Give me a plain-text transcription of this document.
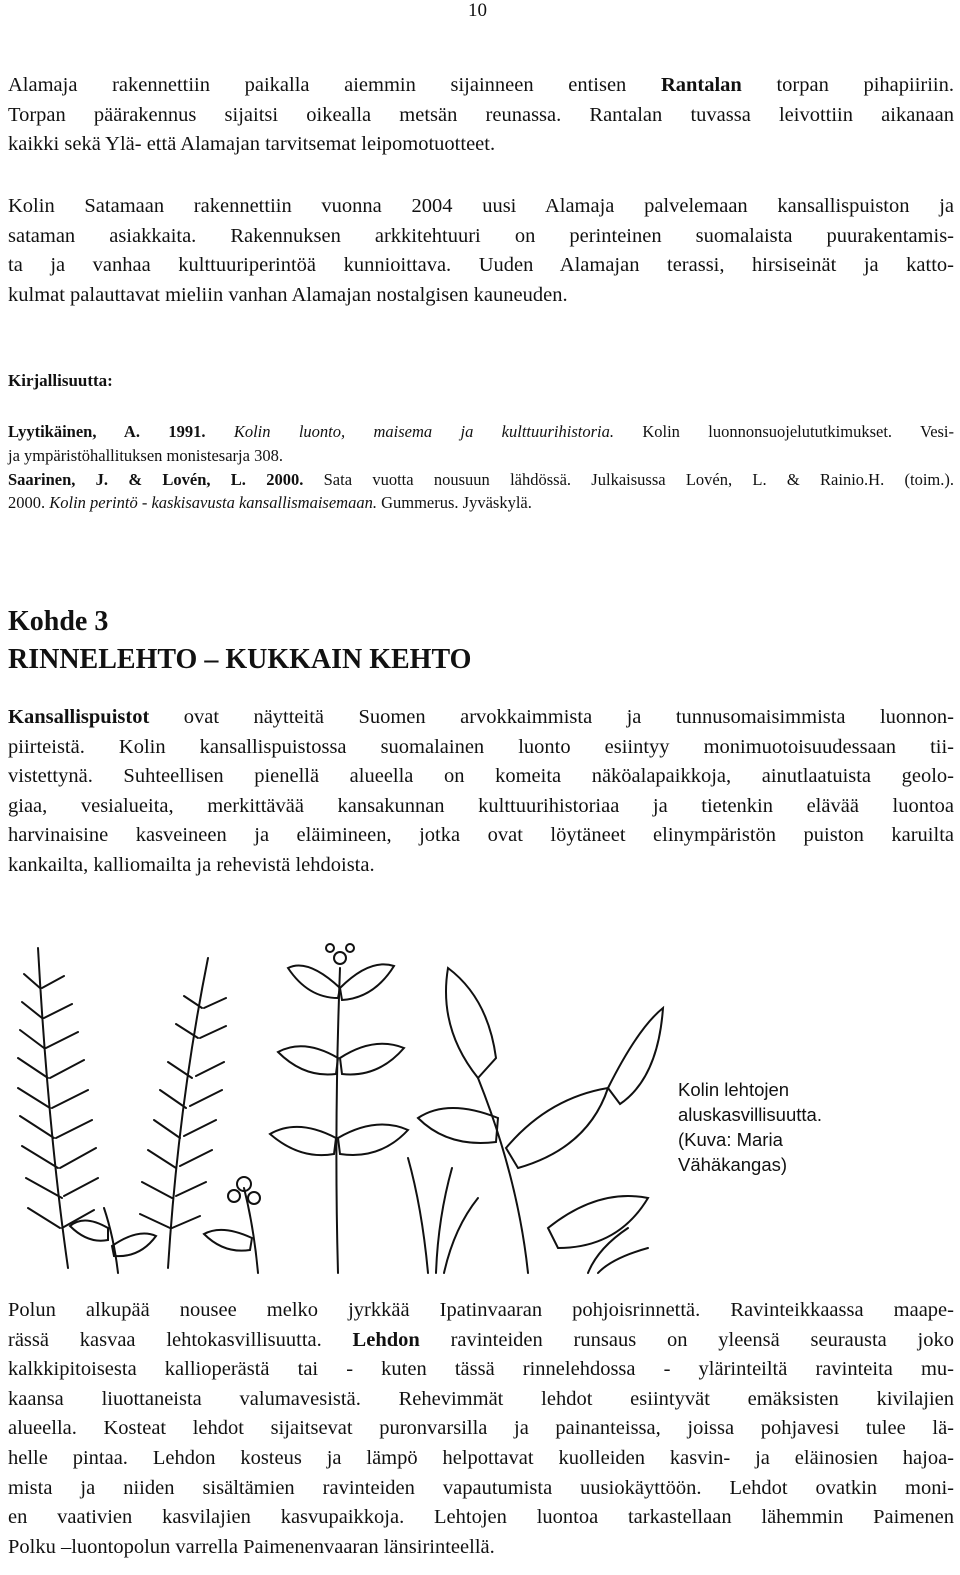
10

Alamaja rakennettiin paikalla aiemmin sijainneen entisen Rantalan torpan pihapiiriin.
Torpan päärakennus sijaitsi oikealla metsän reunassa. Rantalan tuvassa leivottiin aikanaan
kaikki sekä Ylä- että Alamajan tarvitsemat leipomotuotteet.

Kolin Satamaan rakennettiin vuonna 2004 uusi Alamaja palvelemaan kansallispuiston ja
sataman asiakkaita. Rakennuksen arkkitehtuuri on perinteinen suomalaista puurakentamis-
ta ja vanhaa kulttuuriperintöä kunnioittava. Uuden Alamajan terassi, hirsiseinät ja katto-
kulmat palauttavat mieliin vanhan Alamajan nostalgisen kauneuden.

Kirjallisuutta:

Lyytikäinen, A. 1991. Kolin luonto, maisema ja kulttuurihistoria. Kolin luonnonsuojelututkimukset. Vesi-
ja ympäristöhallituksen monistesarja 308.
Saarinen, J. & Lovén, L. 2000. Sata vuotta nousuun lähdössä. Julkaisussa Lovén, L. & Rainio.H. (toim.).
2000. Kolin perintö - kaskisavusta kansallismaisemaan. Gummerus. Jyväskylä.

Kohde 3
RINNELEHTO – KUKKAIN KEHTO

Kansallispuistot ovat näytteitä Suomen arvokkaimmista ja tunnusomaisimmista luonnon-
piirteistä. Kolin kansallispuistossa suomalainen luonto esiintyy monimuotoisuudessaan tii-
vistettynä. Suhteellisen pienellä alueella on komeita näköalapaikkoja, ainutlaatuista geolo-
giaa, vesialueita, merkittävää kansakunnan kulttuurihistoriaa ja tietenkin elävää luontoa
harvinaisine kasveineen ja eläimineen, jotka ovat löytäneet elinympäristön puiston karuilta
kankailta, kalliomailta ja rehevistä lehdoista.

Kolin lehtojen
aluskasvillisuutta.
(Kuva: Maria
Vähäkangas)

Polun alkupää nousee melko jyrkkää Ipatinvaaran pohjoisrinnettä. Ravinteikkaassa maape-
rässä kasvaa lehtokasvillisuutta. Lehdon ravinteiden runsaus on yleensä seurausta joko
kalkkipitoisesta kallioperästä tai - kuten tässä rinnelehdossa - ylärinteiltä ravinteita mu-
kaansa liuottaneista valumavesistä. Rehevimmät lehdot esiintyvät emäksisten kivilajien
alueella. Kosteat lehdot sijaitsevat puronvarsilla ja painanteissa, joissa pohjavesi tulee lä-
helle pintaa. Lehdon kosteus ja lämpö helpottavat kuolleiden kasvin- ja eläinosien hajoa-
mista ja niiden sisältämien ravinteiden vapautumista uusiokäyttöön. Lehdot ovatkin moni-
en vaativien kasvilajien kasvupaikkoja. Lehtojen luontoa tarkastellaan lähemmin Paimenen
Polku –luontopolun varrella Paimenenvaaran länsirinteellä.
